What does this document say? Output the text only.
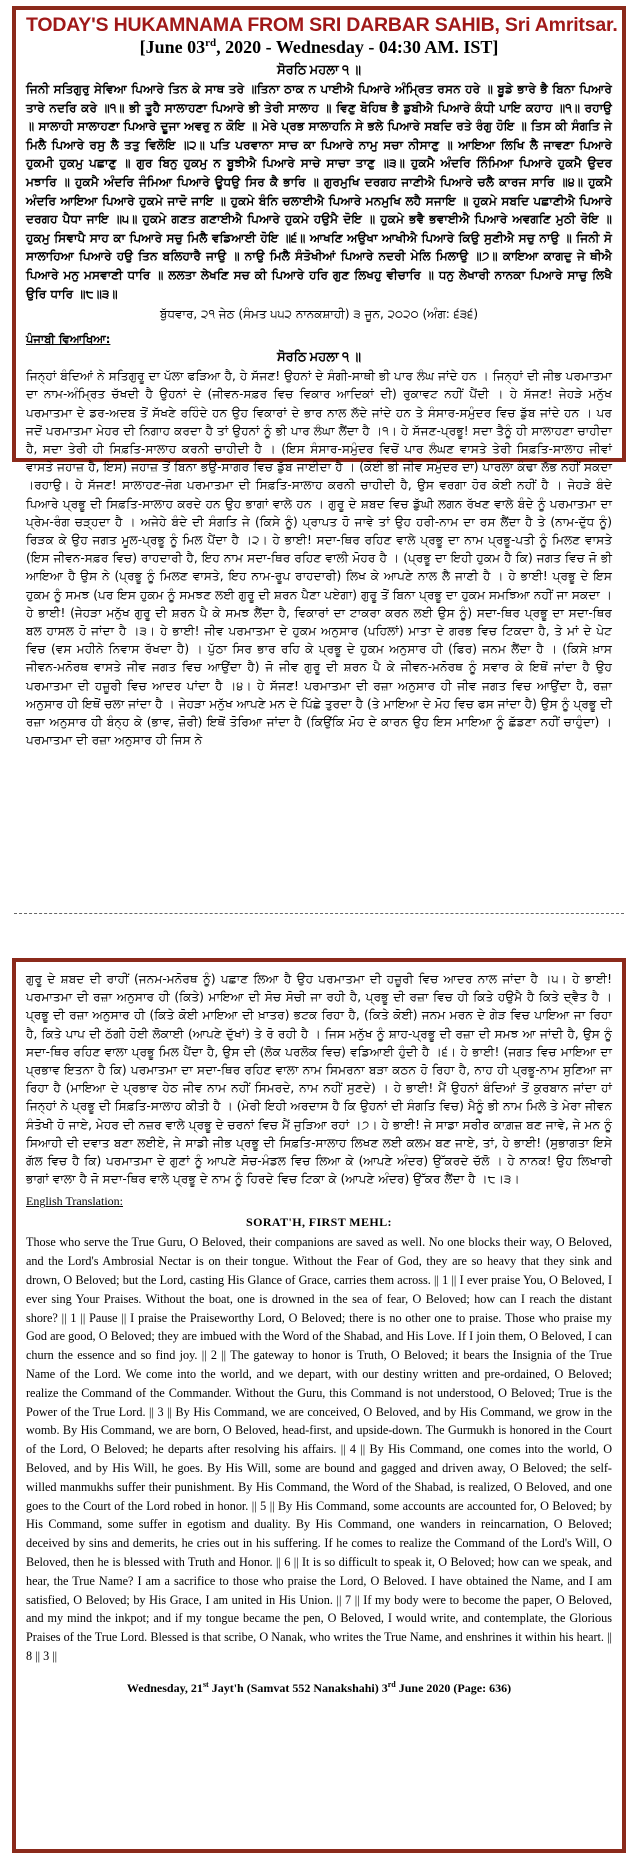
TODAY'S HUKAMNAMA FROM SRI DARBAR SAHIB, Sri Amritsar.

[June 03rd, 2020 - Wednesday - 04:30 AM. IST]

ਸੋਰਠਿ ਮਹਲਾ ੧ ॥

ਜਿਨੀ ਸਤਿਗੁਰੁ ਸੇਵਿਆ ਪਿਆਰੇ ਤਿਨ ਕੇ ਸਾਥ ਤਰੇ ॥ਤਿਨਾ ਠਾਕ ਨ ਪਾਈਐ ਪਿਆਰੇ ਅੰਮ੍ਰਿਤ ਰਸਨ ਹਰੇ ॥ ਬੂਡੇ ਭਾਰੇ ਭੈ ਬਿਨਾ ਪਿਆਰੇ ਤਾਰੇ ਨਦਰਿ ਕਰੇ ॥੧॥ ਭੀ ਤੂਹੈ ਸਾਲਾਹਣਾ ਪਿਆਰੇ ਭੀ ਤੇਰੀ ਸਾਲਾਹ ॥ ਵਿਣੁ ਬੋਹਿਥ ਭੈ ਡੁਬੀਐ ਪਿਆਰੇ ਕੰਧੀ ਪਾਇ ਕਹਾਹ ॥੧॥ ਰਹਾਉ ॥ ਸਾਲਾਹੀ ਸਾਲਾਹਣਾ ਪਿਆਰੇ ਦੂਜਾ ਅਵਰੁ ਨ ਕੋਇ ॥ ਮੇਰੇ ਪ੍ਰਭ ਸਾਲਾਹਨਿ ਸੇ ਭਲੇ ਪਿਆਰੇ ਸਬਦਿ ਰਤੇ ਰੰਗੁ ਹੋਇ ॥ ਤਿਸ ਕੀ ਸੰਗਤਿ ਜੇ ਮਿਲੈ ਪਿਆਰੇ ਰਸੁ ਲੈ ਤਤੁ ਵਿਲੋਇ ॥੨॥ ਪਤਿ ਪਰਵਾਨਾ ਸਾਚ ਕਾ ਪਿਆਰੇ ਨਾਮੁ ਸਚਾ ਨੀਸਾਣੁ ॥ ਆਇਆ ਲਿਖਿ ਲੈ ਜਾਵਣਾ ਪਿਆਰੇ ਹੁਕਮੀ ਹੁਕਮੁ ਪਛਾਣੁ ॥ ਗੁਰ ਬਿਨੁ ਹੁਕਮੁ ਨ ਬੂਝੀਐ ਪਿਆਰੇ ਸਾਚੇ ਸਾਚਾ ਤਾਣੁ ॥੩॥ ਹੁਕਮੈ ਅੰਦਰਿ ਨਿੰਮਿਆ ਪਿਆਰੇ ਹੁਕਮੈ ਉਦਰ ਮਝਾਰਿ ॥ ਹੁਕਮੈ ਅੰਦਰਿ ਜੰਮਿਆ ਪਿਆਰੇ ਊਧਉ ਸਿਰ ਕੈ ਭਾਰਿ ॥ ਗੁਰਮੁਖਿ ਦਰਗਹ ਜਾਣੀਐ ਪਿਆਰੇ ਚਲੈ ਕਾਰਜ ਸਾਰਿ ॥੪॥ ਹੁਕਮੈ ਅੰਦਰਿ ਆਇਆ ਪਿਆਰੇ ਹੁਕਮੇ ਜਾਦੋ ਜਾਇ ॥ ਹੁਕਮੇ ਬੰਨਿ ਚਲਾਈਐ ਪਿਆਰੇ ਮਨਮੁਖਿ ਲਹੈ ਸਜਾਇ ॥ ਹੁਕਮੇ ਸਬਦਿ ਪਛਾਣੀਐ ਪਿਆਰੇ ਦਰਗਹ ਪੈਧਾ ਜਾਇ ॥੫॥ ਹੁਕਮੇ ਗਣਤ ਗਣਾਈਐ ਪਿਆਰੇ ਹੁਕਮੇ ਹਉਮੈ ਦੋਇ ॥ ਹੁਕਮੇ ਭਵੈ ਭਵਾਈਐ ਪਿਆਰੇ ਅਵਗਣਿ ਮੁਠੀ ਰੋਇ ॥ ਹੁਕਮੁ ਸਿਞਾਪੈ ਸਾਹ ਕਾ ਪਿਆਰੇ ਸਚੁ ਮਿਲੈ ਵਡਿਆਈ ਹੋਇ ॥੬॥ ਆਖਣਿ ਅਉਖਾ ਆਖੀਐ ਪਿਆਰੇ ਕਿਉ ਸੁਣੀਐ ਸਚੁ ਨਾਉ ॥ ਜਿਨੀ ਸੋ ਸਾਲਾਹਿਆ ਪਿਆਰੇ ਹਉ ਤਿਨ ਬਲਿਹਾਰੈ ਜਾਉ ॥ ਨਾਉ ਮਿਲੈ ਸੰਤੋਖੀਆਂ ਪਿਆਰੇ ਨਦਰੀ ਮੇਲਿ ਮਿਲਾਉ ॥੭॥ ਕਾਇਆ ਕਾਗਦੁ ਜੇ ਥੀਐ ਪਿਆਰੇ ਮਨੁ ਮਸਵਾਣੀ ਧਾਰਿ ॥ ਲਲਤਾ ਲੇਖਣਿ ਸਚ ਕੀ ਪਿਆਰੇ ਹਰਿ ਗੁਣ ਲਿਖਹੁ ਵੀਚਾਰਿ ॥ ਧਨੁ ਲੇਖਾਰੀ ਨਾਨਕਾ ਪਿਆਰੇ ਸਾਚੁ ਲਿਖੈ ਉਰਿ ਧਾਰਿ ॥੮॥੩॥

ਬੁੱਧਵਾਰ, ੨੧ ਜੇਠ (ਸੰਮਤ ੫੫੨ ਨਾਨਕਸ਼ਾਹੀ) ੩ ਜੂਨ, ੨੦੨੦ (ਅੰਗ: ੬੩੬)

ਪੰਜਾਬੀ ਵਿਆਖਿਆ:

ਸੋਰਠਿ ਮਹਲਾ ੧ ॥

ਜਿਨ੍ਹਾਂ ਬੰਦਿਆਂ ਨੇ ਸਤਿਗੁਰੂ ਦਾ ਪੱਲਾ ਫੜਿਆ ਹੈ, ਹੇ ਸੱਜਣ! ਉਹਨਾਂ ਦੇ ਸੰਗੀ-ਸਾਥੀ ਭੀ ਪਾਰ ਲੰਘ ਜਾਂਦੇ ਹਨ । ਜਿਨ੍ਹਾਂ ਦੀ ਜੀਭ ਪਰਮਾਤਮਾ ਦਾ ਨਾਮ-ਅੰਮ੍ਰਿਤ ਚੱਖਦੀ ਹੈ ਉਹਨਾਂ ਦੇ (ਜੀਵਨ-ਸਫ਼ਰ ਵਿਚ ਵਿਕਾਰ ਆਦਿਕਾਂ ਦੀ) ਰੁਕਾਵਟ ਨਹੀਂ ਪੈਂਦੀ । ਹੇ ਸੱਜਣ! ਜੇਹੜੇ ਮਨੁੱਖ ਪਰਮਾਤਮਾ ਦੇ ਡਰ-ਅਦਬ ਤੋਂ ਸੱਖਣੇ ਰਹਿੰਦੇ ਹਨ ਉਹ ਵਿਕਾਰਾਂ ਦੇ ਭਾਰ ਨਾਲ ਲੱਦੇ ਜਾਂਦੇ ਹਨ ਤੇ ਸੰਸਾਰ-ਸਮੁੰਦਰ ਵਿਚ ਡੁੱਬ ਜਾਂਦੇ ਹਨ । ਪਰ ਜਦੋਂ ਪਰਮਾਤਮਾ ਮੇਹਰ ਦੀ ਨਿਗਾਹ ਕਰਦਾ ਹੈ ਤਾਂ ਉਹਨਾਂ ਨੂੰ ਭੀ ਪਾਰ ਲੰਘਾ ਲੈਂਦਾ ਹੈ ।੧। ਹੇ ਸੱਜਣ-ਪ੍ਰਭੂ! ਸਦਾ ਤੈਨੂੰ ਹੀ ਸਾਲਾਹਣਾ ਚਾਹੀਦਾ ਹੈ, ਸਦਾ ਤੇਰੀ ਹੀ ਸਿਫ਼ਤਿ-ਸਾਲਾਹ ਕਰਨੀ ਚਾਹੀਦੀ ਹੈ । (ਇਸ ਸੰਸਾਰ-ਸਮੁੰਦਰ ਵਿਚੋਂ ਪਾਰ ਲੰਘਣ ਵਾਸਤੇ ਤੇਰੀ ਸਿਫ਼ਤਿ-ਸਾਲਾਹ ਜੀਵਾਂ ਵਾਸਤੇ ਜਹਾਜ਼ ਹੈ, ਇਸ) ਜਹਾਜ਼ ਤੋਂ ਬਿਨਾ ਭਉ-ਸਾਗਰ ਵਿਚ ਡੁੱਬ ਜਾਈਦਾ ਹੈ । (ਕੋਈ ਭੀ ਜੀਵ ਸਮੁੰਦਰ ਦਾ) ਪਾਰਲਾ ਕੰਢਾ ਲੱਭ ਨਹੀਂ ਸਕਦਾ ।ਰਹਾਉ। ਹੇ ਸੱਜਣ! ਸਾਲਾਹਣ-ਜੋਗ ਪਰਮਾਤਮਾ ਦੀ ਸਿਫ਼ਤਿ-ਸਾਲਾਹ ਕਰਨੀ ਚਾਹੀਦੀ ਹੈ, ਉਸ ਵਰਗਾ ਹੋਰ ਕੋਈ ਨਹੀਂ ਹੈ । ਜੇਹੜੇ ਬੰਦੇ ਪਿਆਰੇ ਪ੍ਰਭੂ ਦੀ ਸਿਫ਼ਤਿ-ਸਾਲਾਹ ਕਰਦੇ ਹਨ ਉਹ ਭਾਗਾਂ ਵਾਲੇ ਹਨ । ਗੁਰੂ ਦੇ ਸ਼ਬਦ ਵਿਚ ਡੁੱਘੀ ਲਗਨ ਰੱਖਣ ਵਾਲੇ ਬੰਦੇ ਨੂੰ ਪਰਮਾਤਮਾ ਦਾ ਪ੍ਰੇਮ-ਰੰਗ ਚੜ੍ਹਦਾ ਹੈ । ਅਜੇਹੇ ਬੰਦੇ ਦੀ ਸੰਗਤਿ ਜੇ (ਕਿਸੇ ਨੂੰ) ਪ੍ਰਾਪਤ ਹੋ ਜਾਵੇ ਤਾਂ ਉਹ ਹਰੀ-ਨਾਮ ਦਾ ਰਸ ਲੈਂਦਾ ਹੈ ਤੇ (ਨਾਮ-ਦੁੱਧ ਨੂੰ) ਰਿੜਕ ਕੇ ਉਹ ਜਗਤ ਮੂਲ-ਪ੍ਰਭੂ ਨੂੰ ਮਿਲ ਪੈਂਦਾ ਹੈ ।੨। ਹੇ ਭਾਈ! ਸਦਾ-ਥਿਰ ਰਹਿਣ ਵਾਲੇ ਪ੍ਰਭੂ ਦਾ ਨਾਮ ਪ੍ਰਭੂ-ਪਤੀ ਨੂੰ ਮਿਲਣ ਵਾਸਤੇ (ਇਸ ਜੀਵਨ-ਸਫ਼ਰ ਵਿਚ) ਰਾਹਦਾਰੀ ਹੈ, ਇਹ ਨਾਮ ਸਦਾ-ਥਿਰ ਰਹਿਣ ਵਾਲੀ ਮੋਹਰ ਹੈ । (ਪ੍ਰਭੂ ਦਾ ਇਹੀ ਹੁਕਮ ਹੈ ਕਿ) ਜਗਤ ਵਿਚ ਜੋ ਭੀ ਆਇਆ ਹੈ ਉਸ ਨੇ (ਪ੍ਰਭੂ ਨੂੰ ਮਿਲਣ ਵਾਸਤੇ, ਇਹ ਨਾਮ-ਰੂਪ ਰਾਹਦਾਰੀ) ਲਿਖ ਕੇ ਆਪਣੇ ਨਾਲ ਲੈ ਜਾਣੀ ਹੈ । ਹੇ ਭਾਈ! ਪ੍ਰਭੂ ਦੇ ਇਸ ਹੁਕਮ ਨੂੰ ਸਮਝ (ਪਰ ਇਸ ਹੁਕਮ ਨੂੰ ਸਮਝਣ ਲਈ ਗੁਰੂ ਦੀ ਸ਼ਰਨ ਪੈਣਾ ਪਏਗਾ) ਗੁਰੂ ਤੋਂ ਬਿਨਾ ਪ੍ਰਭੂ ਦਾ ਹੁਕਮ ਸਮਝਿਆ ਨਹੀਂ ਜਾ ਸਕਦਾ । ਹੇ ਭਾਈ! (ਜੇਹੜਾ ਮਨੁੱਖ ਗੁਰੂ ਦੀ ਸ਼ਰਨ ਪੈ ਕੇ ਸਮਝ ਲੈਂਦਾ ਹੈ, ਵਿਕਾਰਾਂ ਦਾ ਟਾਕਰਾ ਕਰਨ ਲਈ ਉਸ ਨੂੰ) ਸਦਾ-ਥਿਰ ਪ੍ਰਭੂ ਦਾ ਸਦਾ-ਥਿਰ ਬਲ ਹਾਸਲ ਹੋ ਜਾਂਦਾ ਹੈ ।੩। ਹੇ ਭਾਈ! ਜੀਵ ਪਰਮਾਤਮਾ ਦੇ ਹੁਕਮ ਅਨੁਸਾਰ (ਪਹਿਲਾਂ) ਮਾਤਾ ਦੇ ਗਰਭ ਵਿਚ ਟਿਕਦਾ ਹੈ, ਤੇ ਮਾਂ ਦੇ ਪੇਟ ਵਿਚ (ਵਸ ਮਹੀਨੇ ਨਿਵਾਸ ਰੱਖਦਾ ਹੈ) । ਪੁੱਠਾ ਸਿਰ ਭਾਰ ਰਹਿ ਕੇ ਪ੍ਰਭੂ ਦੇ ਹੁਕਮ ਅਨੁਸਾਰ ਹੀ (ਫਿਰ) ਜਨਮ ਲੈਂਦਾ ਹੈ । (ਕਿਸੇ ਖ਼ਾਸ ਜੀਵਨ-ਮਨੋਰਥ ਵਾਸਤੇ ਜੀਵ ਜਗਤ ਵਿਚ ਆਉਂਦਾ ਹੈ) ਜੋ ਜੀਵ ਗੁਰੂ ਦੀ ਸ਼ਰਨ ਪੈ ਕੇ ਜੀਵਨ-ਮਨੋਰਥ ਨੂੰ ਸਵਾਰ ਕੇ ਇਥੋਂ ਜਾਂਦਾ ਹੈ ਉਹ ਪਰਮਾਤਮਾ ਦੀ ਹਜ਼ੂਰੀ ਵਿਚ ਆਦਰ ਪਾਂਦਾ ਹੈ ।੪। ਹੇ ਸੱਜਣ! ਪਰਮਾਤਮਾ ਦੀ ਰਜ਼ਾ ਅਨੁਸਾਰ ਹੀ ਜੀਵ ਜਗਤ ਵਿਚ ਆਉਂਦਾ ਹੈ, ਰਜ਼ਾ ਅਨੁਸਾਰ ਹੀ ਇਥੋਂ ਚਲਾ ਜਾਂਦਾ ਹੈ । ਜੇਹੜਾ ਮਨੁੱਖ ਆਪਣੇ ਮਨ ਦੇ ਪਿੱਛੇ ਤੁਰਦਾ ਹੈ (ਤੇ ਮਾਇਆ ਦੇ ਮੋਹ ਵਿਚ ਫਸ ਜਾਂਦਾ ਹੈ) ਉਸ ਨੂੰ ਪ੍ਰਭੂ ਦੀ ਰਜ਼ਾ ਅਨੁਸਾਰ ਹੀ ਬੰਨ੍ਹ ਕੇ (ਭਾਵ, ਜ਼ੋਰੀ) ਇਥੋਂ ਤੋਰਿਆ ਜਾਂਦਾ ਹੈ (ਕਿਉਂਕਿ ਮੋਹ ਦੇ ਕਾਰਨ ਉਹ ਇਸ ਮਾਇਆ ਨੂੰ ਛੱਡਣਾ ਨਹੀਂ ਚਾਹੁੰਦਾ) । ਪਰਮਾਤਮਾ ਦੀ ਰਜ਼ਾ ਅਨੁਸਾਰ ਹੀ ਜਿਸ ਨੇ

ਗੁਰੂ ਦੇ ਸ਼ਬਦ ਦੀ ਰਾਹੀਂ (ਜਨਮ-ਮਨੋਰਥ ਨੂੰ) ਪਛਾਣ ਲਿਆ ਹੈ ਉਹ ਪਰਮਾਤਮਾ ਦੀ ਹਜ਼ੂਰੀ ਵਿਚ ਆਦਰ ਨਾਲ ਜਾਂਦਾ ਹੈ ।੫। ਹੇ ਭਾਈ! ਪਰਮਾਤਮਾ ਦੀ ਰਜ਼ਾ ਅਨੁਸਾਰ ਹੀ (ਕਿਤੇ) ਮਾਇਆ ਦੀ ਸੋਚ ਸੋਚੀ ਜਾ ਰਹੀ ਹੈ, ਪ੍ਰਭੂ ਦੀ ਰਜ਼ਾ ਵਿਚ ਹੀ ਕਿਤੇ ਹਉਮੈ ਹੈ ਕਿਤੇ ਦ੍ਵੈਤ ਹੈ । ਪ੍ਰਭੂ ਦੀ ਰਜ਼ਾ ਅਨੁਸਾਰ ਹੀ (ਕਿਤੇ ਕੋਈ ਮਾਇਆ ਦੀ ਖ਼ਾਤਰ) ਭਟਕ ਰਿਹਾ ਹੈ, (ਕਿਤੇ ਕੋਈ) ਜਨਮ ਮਰਨ ਦੇ ਗੇੜ ਵਿਚ ਪਾਇਆ ਜਾ ਰਿਹਾ ਹੈ, ਕਿਤੇ ਪਾਪ ਦੀ ਠੱਗੀ ਹੋਈ ਲੋਕਾਈ (ਆਪਣੇ ਦੁੱਖਾਂ) ਤੇ ਰੋ ਰਹੀ ਹੈ । ਜਿਸ ਮਨੁੱਖ ਨੂੰ ਸ਼ਾਹ-ਪ੍ਰਭੂ ਦੀ ਰਜ਼ਾ ਦੀ ਸਮਝ ਆ ਜਾਂਦੀ ਹੈ, ਉਸ ਨੂੰ ਸਦਾ-ਥਿਰ ਰਹਿਣ ਵਾਲਾ ਪ੍ਰਭੂ ਮਿਲ ਪੈਂਦਾ ਹੈ, ਉਸ ਦੀ (ਲੋਕ ਪਰਲੋਕ ਵਿਚ) ਵਡਿਆਈ ਹੁੰਦੀ ਹੈ ।੬। ਹੇ ਭਾਈ! (ਜਗਤ ਵਿਚ ਮਾਇਆ ਦਾ ਪ੍ਰਭਾਵ ਇਤਨਾ ਹੈ ਕਿ) ਪਰਮਾਤਮਾ ਦਾ ਸਦਾ-ਥਿਰ ਰਹਿਣ ਵਾਲਾ ਨਾਮ ਸਿਮਰਨਾ ਬੜਾ ਕਠਨ ਹੋ ਰਿਹਾ ਹੈ, ਨਾਹ ਹੀ ਪ੍ਰਭੂ-ਨਾਮ ਸੁਣਿਆ ਜਾ ਰਿਹਾ ਹੈ (ਮਾਇਆ ਦੇ ਪ੍ਰਭਾਵ ਹੇਠ ਜੀਵ ਨਾਮ ਨਹੀਂ ਸਿਮਰਦੇ, ਨਾਮ ਨਹੀਂ ਸੁਣਦੇ) । ਹੇ ਭਾਈ! ਮੈਂ ਉਹਨਾਂ ਬੰਦਿਆਂ ਤੋਂ ਕੁਰਬਾਨ ਜਾਂਦਾ ਹਾਂ ਜਿਨ੍ਹਾਂ ਨੇ ਪ੍ਰਭੂ ਦੀ ਸਿਫ਼ਤਿ-ਸਾਲਾਹ ਕੀਤੀ ਹੈ । (ਮੇਰੀ ਇਹੀ ਅਰਦਾਸ ਹੈ ਕਿ ਉਹਨਾਂ ਦੀ ਸੰਗਤਿ ਵਿਚ) ਮੈਨੂੰ ਭੀ ਨਾਮ ਮਿਲੇ ਤੇ ਮੇਰਾ ਜੀਵਨ ਸੰਤੋਖੀ ਹੋ ਜਾਏ, ਮੇਹਰ ਦੀ ਨਜ਼ਰ ਵਾਲੇ ਪ੍ਰਭੂ ਦੇ ਚਰਨਾਂ ਵਿਚ ਮੈਂ ਜੁੜਿਆ ਰਹਾਂ ।੭। ਹੇ ਭਾਈ! ਜੇ ਸਾਡਾ ਸਰੀਰ ਕਾਗ਼ਜ਼ ਬਣ ਜਾਵੇ, ਜੇ ਮਨ ਨੂੰ ਸਿਆਹੀ ਦੀ ਦਵਾਤ ਬਣਾ ਲਈਏ, ਜੇ ਸਾਡੀ ਜੀਭ ਪ੍ਰਭੂ ਦੀ ਸਿਫ਼ਤਿ-ਸਾਲਾਹ ਲਿਖਣ ਲਈ ਕਲਮ ਬਣ ਜਾਏ, ਤਾਂ, ਹੇ ਭਾਈ! (ਸੁਭਾਗਤਾ ਇਸੇ ਗੱਲ ਵਿਚ ਹੈ ਕਿ) ਪਰਮਾਤਮਾ ਦੇ ਗੁਣਾਂ ਨੂੰ ਆਪਣੇ ਸੋਚ-ਮੰਡਲ ਵਿਚ ਲਿਆ ਕੇ (ਆਪਣੇ ਅੰਦਰ) ਉੱਕਰਦੇ ਚੱਲੋ । ਹੇ ਨਾਨਕ! ਉਹ ਲਿਖਾਰੀ ਭਾਗਾਂ ਵਾਲਾ ਹੈ ਜੋ ਸਦਾ-ਥਿਰ ਵਾਲੇ ਪ੍ਰਭੂ ਦੇ ਨਾਮ ਨੂੰ ਹਿਰਦੇ ਵਿਚ ਟਿਕਾ ਕੇ (ਆਪਣੇ ਅੰਦਰ) ਉੱਕਰ ਲੈਂਦਾ ਹੈ ।੮।੩।

English Translation:

SORAT'H, FIRST MEHL:

Those who serve the True Guru, O Beloved, their companions are saved as well. No one blocks their way, O Beloved, and the Lord's Ambrosial Nectar is on their tongue. Without the Fear of God, they are so heavy that they sink and drown, O Beloved; but the Lord, casting His Glance of Grace, carries them across. || 1 || I ever praise You, O Beloved, I ever sing Your Praises. Without the boat, one is drowned in the sea of fear, O Beloved; how can I reach the distant shore? || 1 || Pause || I praise the Praiseworthy Lord, O Beloved; there is no other one to praise. Those who praise my God are good, O Beloved; they are imbued with the Word of the Shabad, and His Love. If I join them, O Beloved, I can churn the essence and so find joy. || 2 || The gateway to honor is Truth, O Beloved; it bears the Insignia of the True Name of the Lord. We come into the world, and we depart, with our destiny written and pre-ordained, O Beloved; realize the Command of the Commander. Without the Guru, this Command is not understood, O Beloved; True is the Power of the True Lord. || 3 || By His Command, we are conceived, O Beloved, and by His Command, we grow in the womb. By His Command, we are born, O Beloved, head-first, and upside-down. The Gurmukh is honored in the Court of the Lord, O Beloved; he departs after resolving his affairs. || 4 || By His Command, one comes into the world, O Beloved, and by His Will, he goes. By His Will, some are bound and gagged and driven away, O Beloved; the self-willed manmukhs suffer their punishment. By His Command, the Word of the Shabad, is realized, O Beloved, and one goes to the Court of the Lord robed in honor. || 5 || By His Command, some accounts are accounted for, O Beloved; by His Command, some suffer in egotism and duality. By His Command, one wanders in reincarnation, O Beloved; deceived by sins and demerits, he cries out in his suffering. If he comes to realize the Command of the Lord's Will, O Beloved, then he is blessed with Truth and Honor. || 6 || It is so difficult to speak it, O Beloved; how can we speak, and hear, the True Name? I am a sacrifice to those who praise the Lord, O Beloved. I have obtained the Name, and I am satisfied, O Beloved; by His Grace, I am united in His Union. || 7 || If my body were to become the paper, O Beloved, and my mind the inkpot; and if my tongue became the pen, O Beloved, I would write, and contemplate, the Glorious Praises of the True Lord. Blessed is that scribe, O Nanak, who writes the True Name, and enshrines it within his heart. || 8 || 3 ||

Wednesday, 21st Jayt'h (Samvat 552 Nanakshahi) 3rd June 2020 (Page: 636)
